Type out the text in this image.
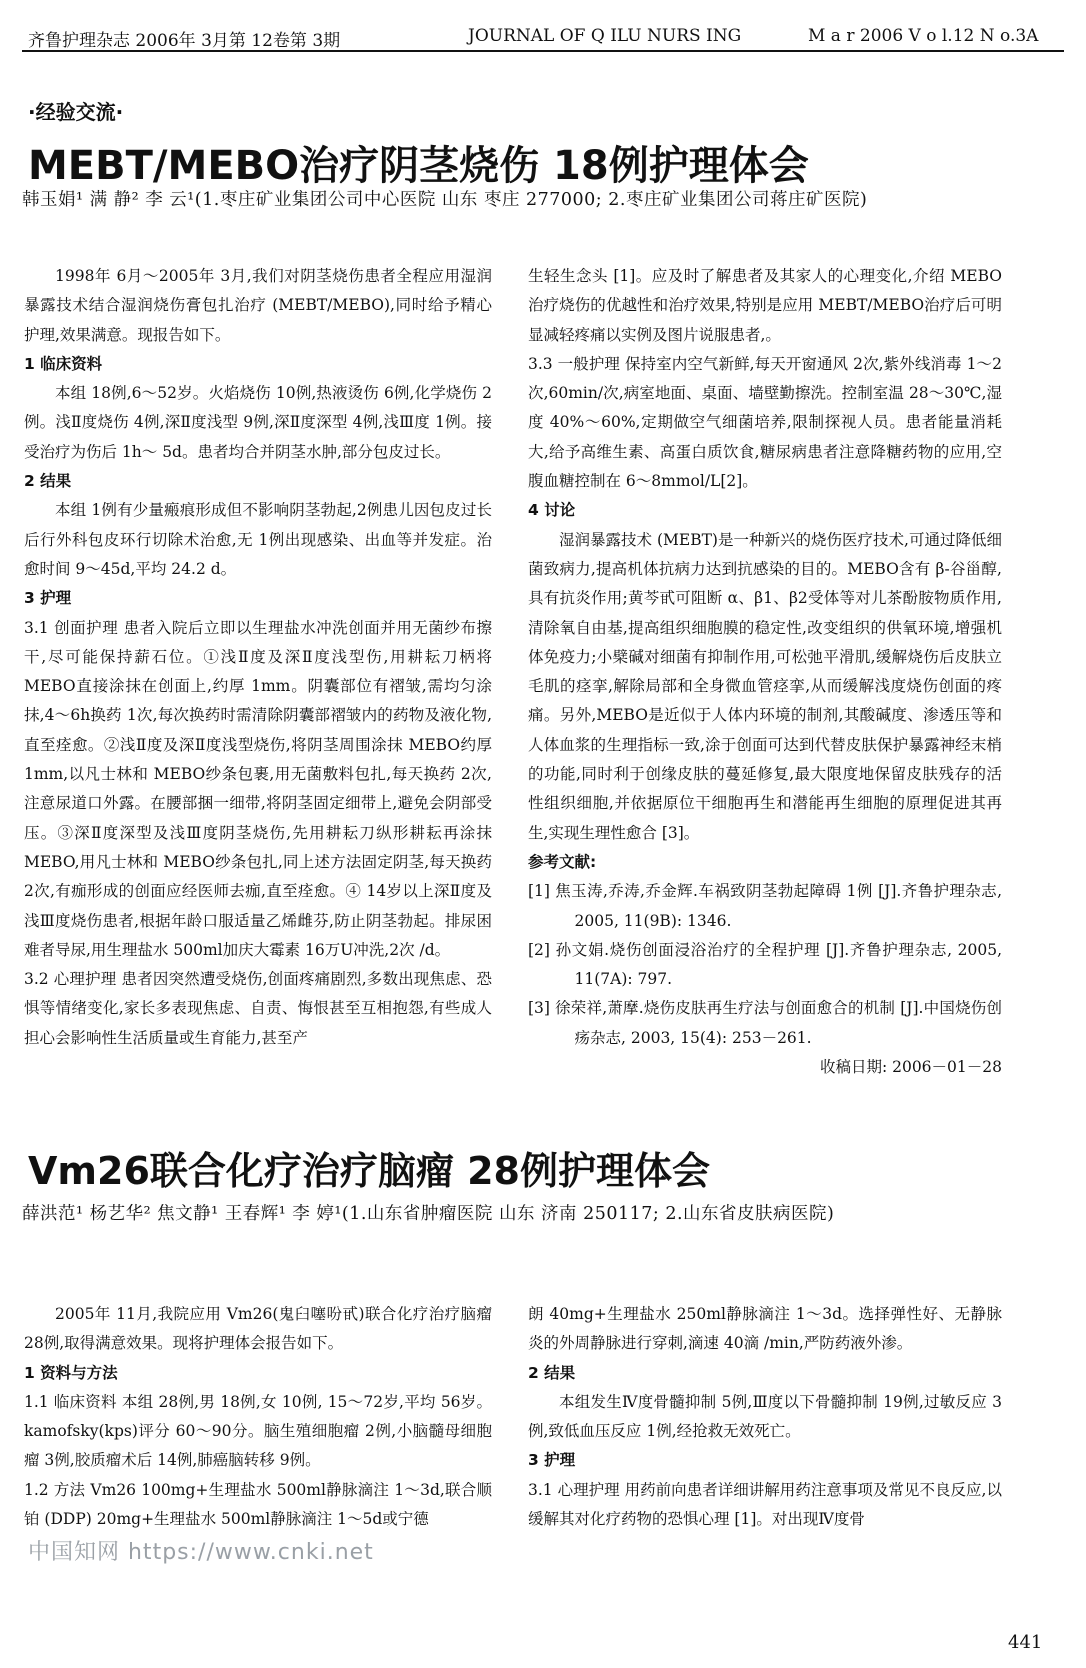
齐鲁护理杂志 2006年 3月第 12卷第 3期	JOURNAL OF Q ILU NURS ING	M a r 2006 V o l.12 N o.3A
·经验交流·
MEBT/MEBO治疗阴茎烧伤 18例护理体会
韩玉娟¹ 满 静² 李 云¹(1.枣庄矿业集团公司中心医院 山东 枣庄 277000; 2.枣庄矿业集团公司蒋庄矿医院)

1998年 6月～2005年 3月,我们对阴茎烧伤患者全程应用湿润暴露技术结合湿润烧伤膏包扎治疗 (MEBT/MEBO),同时给予精心护理,效果满意。现报告如下。

1 临床资料

本组 18例,6～52岁。火焰烧伤 10例,热液烫伤 6例,化学烧伤 2例。浅Ⅱ度烧伤 4例,深Ⅱ度浅型 9例,深Ⅱ度深型 4例,浅Ⅲ度 1例。接受治疗为伤后 1h～ 5d。患者均合并阴茎水肿,部分包皮过长。

2 结果

本组 1例有少量瘢痕形成但不影响阴茎勃起,2例患儿因包皮过长后行外科包皮环行切除术治愈,无 1例出现感染、出血等并发症。治愈时间 9～45d,平均 24.2 d。

3 护理

3.1 创面护理 患者入院后立即以生理盐水冲洗创面并用无菌纱布擦干,尽可能保持薪石位。①浅Ⅱ度及深Ⅱ度浅型伤,用耕耘刀柄将 MEBO直接涂抹在创面上,约厚 1mm。阴囊部位有褶皱,需均匀涂抹,4～6h换药 1次,每次换药时需清除阴囊部褶皱内的药物及液化物,直至痊愈。②浅Ⅱ度及深Ⅱ度浅型烧伤,将阴茎周围涂抹 MEBO约厚 1mm,以凡士林和 MEBO纱条包裹,用无菌敷料包扎,每天换药 2次,注意尿道口外露。在腰部捆一细带,将阴茎固定细带上,避免会阴部受压。③深Ⅱ度深型及浅Ⅲ度阴茎烧伤,先用耕耘刀纵形耕耘再涂抹 MEBO,用凡士林和 MEBO纱条包扎,同上述方法固定阴茎,每天换药 2次,有痂形成的创面应经医师去痂,直至痊愈。④ 14岁以上深Ⅱ度及浅Ⅲ度烧伤患者,根据年龄口服适量乙烯雌芬,防止阴茎勃起。排尿困难者导尿,用生理盐水 500ml加庆大霉素 16万U冲洗,2次 /d。

3.2 心理护理 患者因突然遭受烧伤,创面疼痛剧烈,多数出现焦虑、恐惧等情绪变化,家长多表现焦虑、自责、悔恨甚至互相抱怨,有些成人担心会影响性生活质量或生育能力,甚至产

生轻生念头 [1]。应及时了解患者及其家人的心理变化,介绍 MEBO治疗烧伤的优越性和治疗效果,特别是应用 MEBT/MEBO治疗后可明显减轻疼痛以实例及图片说服患者,。

3.3 一般护理 保持室内空气新鲜,每天开窗通风 2次,紫外线消毒 1～2次,60min/次,病室地面、桌面、墙壁勤擦洗。控制室温 28～30℃,湿度 40%～60%,定期做空气细菌培养,限制探视人员。患者能量消耗大,给予高维生素、高蛋白质饮食,糖尿病患者注意降糖药物的应用,空腹血糖控制在 6～8mmol/L[2]。

4 讨论

湿润暴露技术 (MEBT)是一种新兴的烧伤医疗技术,可通过降低细菌致病力,提高机体抗病力达到抗感染的目的。MEBO含有 β-谷甾醇,具有抗炎作用;黄芩甙可阻断 α、β1、β2受体等对儿茶酚胺物质作用,清除氧自由基,提高组织细胞膜的稳定性,改变组织的供氧环境,增强机体免疫力;小檗碱对细菌有抑制作用,可松弛平滑肌,缓解烧伤后皮肤立毛肌的痉挛,解除局部和全身微血管痉挛,从而缓解浅度烧伤创面的疼痛。另外,MEBO是近似于人体内环境的制剂,其酸碱度、渗透压等和人体血浆的生理指标一致,涂于创面可达到代替皮肤保护暴露神经末梢的功能,同时利于创缘皮肤的蔓延修复,最大限度地保留皮肤残存的活性组织细胞,并依据原位干细胞再生和潜能再生细胞的原理促进其再生,实现生理性愈合 [3]。

参考文献:

[1] 焦玉涛,乔涛,乔金辉.车祸致阴茎勃起障碍 1例 [J].齐鲁护理杂志, 2005, 11(9B): 1346.

[2] 孙文娟.烧伤创面浸浴治疗的全程护理 [J].齐鲁护理杂志, 2005, 11(7A): 797.

[3] 徐荣祥,萧摩.烧伤皮肤再生疗法与创面愈合的机制 [J].中国烧伤创疡杂志, 2003, 15(4): 253－261.

收稿日期: 2006－01－28

Vm26联合化疗治疗脑瘤 28例护理体会
薛洪范¹ 杨艺华² 焦文静¹ 王春辉¹ 李 婷¹(1.山东省肿瘤医院 山东 济南 250117; 2.山东省皮肤病医院)

2005年 11月,我院应用 Vm26(鬼臼噻吩甙)联合化疗治疗脑瘤 28例,取得满意效果。现将护理体会报告如下。

1 资料与方法

1.1 临床资料 本组 28例,男 18例,女 10例, 15～72岁,平均 56岁。kamofsky(kps)评分 60～90分。脑生殖细胞瘤 2例,小脑髓母细胞瘤 3例,胶质瘤术后 14例,肺癌脑转移 9例。

1.2 方法 Vm26 100mg+生理盐水 500ml静脉滴注 1～3d,联合顺铂 (DDP) 20mg+生理盐水 500ml静脉滴注 1～5d或宁德

朗 40mg+生理盐水 250ml静脉滴注 1～3d。选择弹性好、无静脉炎的外周静脉进行穿刺,滴速 40滴 /min,严防药液外渗。

2 结果

本组发生Ⅳ度骨髓抑制 5例,Ⅲ度以下骨髓抑制 19例,过敏反应 3例,致低血压反应 1例,经抢救无效死亡。

3 护理

3.1 心理护理 用药前向患者详细讲解用药注意事项及常见不良反应,以缓解其对化疗药物的恐惧心理 [1]。对出现Ⅳ度骨

中国知网 https://www.cnki.net
441
